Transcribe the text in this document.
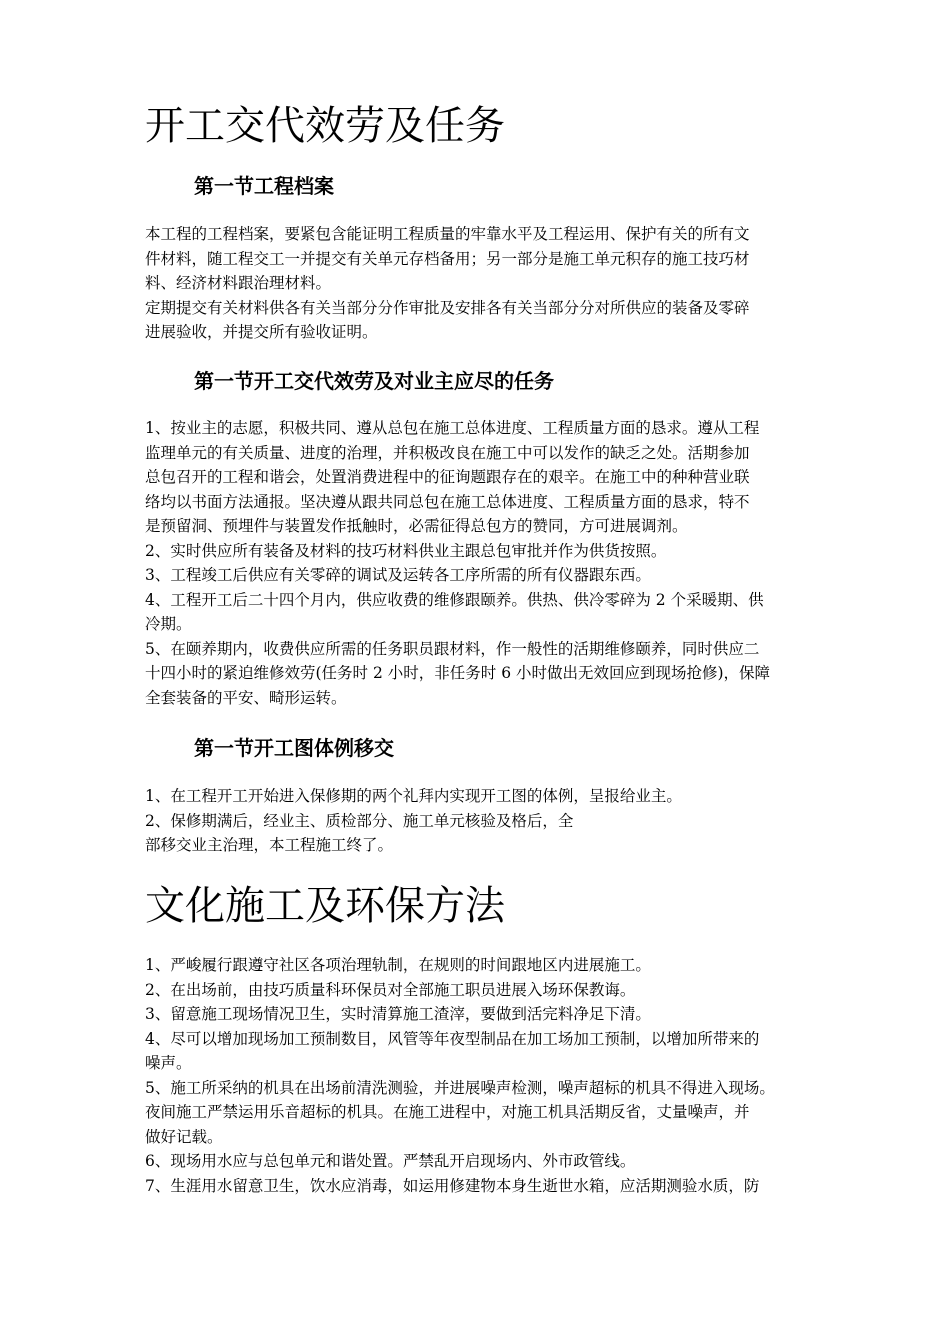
开工交代效劳及任务
第一节工程档案
本工程的工程档案，要紧包含能证明工程质量的牢靠水平及工程运用、保护有关的所有文
件材料，随工程交工一并提交有关单元存档备用；另一部分是施工单元积存的施工技巧材
料、经济材料跟治理材料。
定期提交有关材料供各有关当部分分作审批及安排各有关当部分分对所供应的装备及零碎
进展验收，并提交所有验收证明。
第一节开工交代效劳及对业主应尽的任务
1、按业主的志愿，积极共同、遵从总包在施工总体进度、工程质量方面的恳求。遵从工程
监理单元的有关质量、进度的治理，并积极改良在施工中可以发作的缺乏之处。活期参加
总包召开的工程和谐会，处置消费进程中的征询题跟存在的艰辛。在施工中的种种营业联
络均以书面方法通报。坚决遵从跟共同总包在施工总体进度、工程质量方面的恳求，特不
是预留洞、预埋件与装置发作抵触时，必需征得总包方的赞同，方可进展调剂。
2、实时供应所有装备及材料的技巧材料供业主跟总包审批并作为供货按照。
3、工程竣工后供应有关零碎的调试及运转各工序所需的所有仪器跟东西。
4、工程开工后二十四个月内，供应收费的维修跟颐养。供热、供冷零碎为 2 个采暖期、供
冷期。
5、在颐养期内，收费供应所需的任务职员跟材料，作一般性的活期维修颐养，同时供应二
十四小时的紧迫维修效劳(任务时 2 小时，非任务时 6 小时做出无效回应到现场抢修)，保障
全套装备的平安、畸形运转。
第一节开工图体例移交
1、在工程开工开始进入保修期的两个礼拜内实现开工图的体例，呈报给业主。
2、保修期满后，经业主、质检部分、施工单元核验及格后，全
部移交业主治理，本工程施工终了。
文化施工及环保方法
1、严峻履行跟遵守社区各项治理轨制，在规则的时间跟地区内进展施工。
2、在出场前，由技巧质量科环保员对全部施工职员进展入场环保教诲。
3、留意施工现场情况卫生，实时清算施工渣滓，要做到活完料净足下清。
4、尽可以增加现场加工预制数目，风管等年夜型制品在加工场加工预制，以增加所带来的
噪声。
5、施工所采纳的机具在出场前清洗测验，并进展噪声检测，噪声超标的机具不得进入现场。
夜间施工严禁运用乐音超标的机具。在施工进程中，对施工机具活期反省，丈量噪声，并
做好记载。
6、现场用水应与总包单元和谐处置。严禁乱开启现场内、外市政管线。
7、生涯用水留意卫生，饮水应消毒，如运用修建物本身生逝世水箱，应活期测验水质，防
